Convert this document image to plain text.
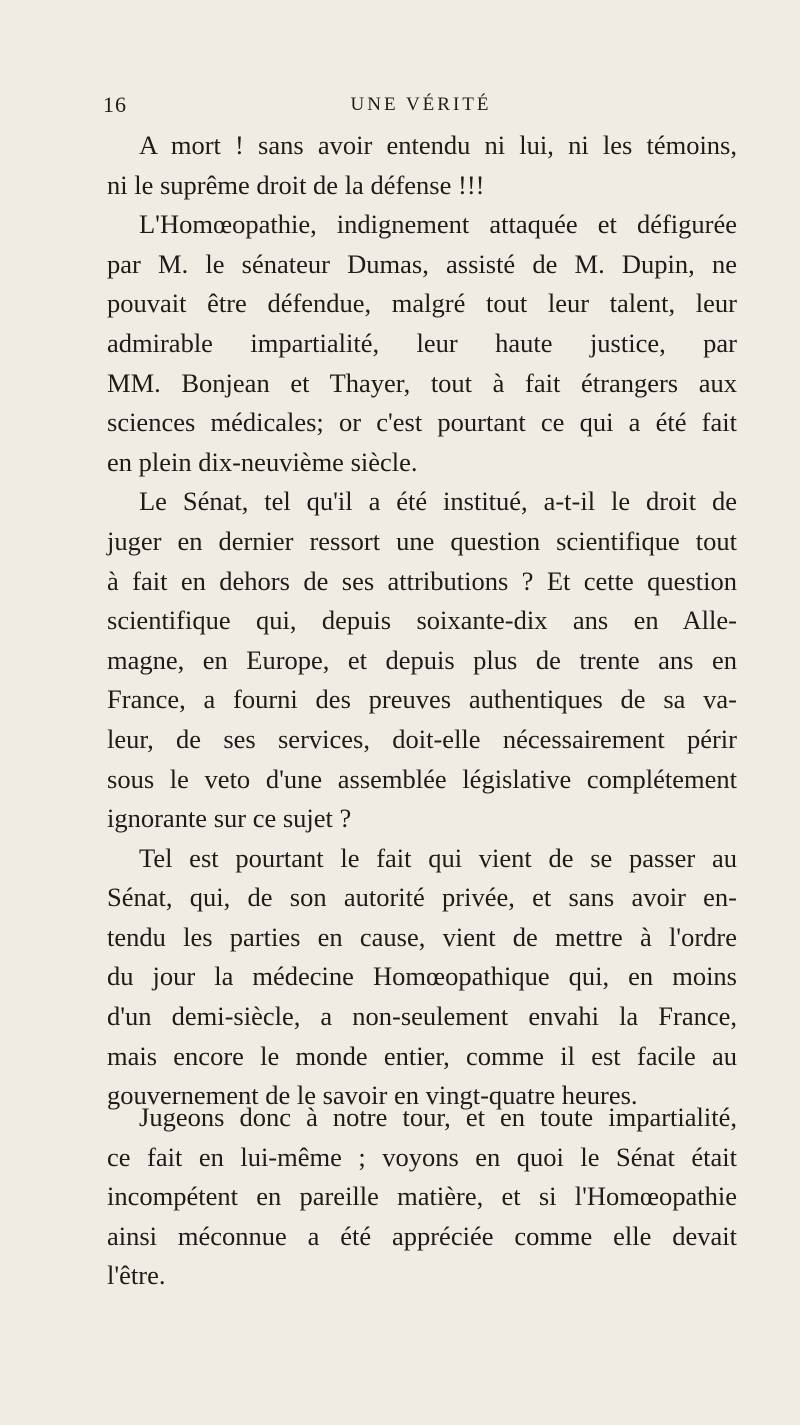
16	UNE VÉRITÉ
A mort ! sans avoir entendu ni lui, ni les témoins,
ni le suprême droit de la défense !!!
L'Homœopathie, indignement attaquée et défigurée
par M. le sénateur Dumas, assisté de M. Dupin, ne
pouvait être défendue, malgré tout leur talent, leur
admirable impartialité, leur haute justice, par
MM. Bonjean et Thayer, tout à fait étrangers aux
sciences médicales; or c'est pourtant ce qui a été fait
en plein dix-neuvième siècle.
Le Sénat, tel qu'il a été institué, a-t-il le droit de
juger en dernier ressort une question scientifique tout
à fait en dehors de ses attributions ? Et cette question
scientifique qui, depuis soixante-dix ans en Alle-
magne, en Europe, et depuis plus de trente ans en
France, a fourni des preuves authentiques de sa va-
leur, de ses services, doit-elle nécessairement périr
sous le veto d'une assemblée législative complétement
ignorante sur ce sujet ?
Tel est pourtant le fait qui vient de se passer au
Sénat, qui, de son autorité privée, et sans avoir en-
tendu les parties en cause, vient de mettre à l'ordre
du jour la médecine Homœopathique qui, en moins
d'un demi-siècle, a non-seulement envahi la France,
mais encore le monde entier, comme il est facile au
gouvernement de le savoir en vingt-quatre heures.
Jugeons donc à notre tour, et en toute impartialité,
ce fait en lui-même ; voyons en quoi le Sénat était
incompétent en pareille matière, et si l'Homœopathie
ainsi méconnue a été appréciée comme elle devait
l'être.
